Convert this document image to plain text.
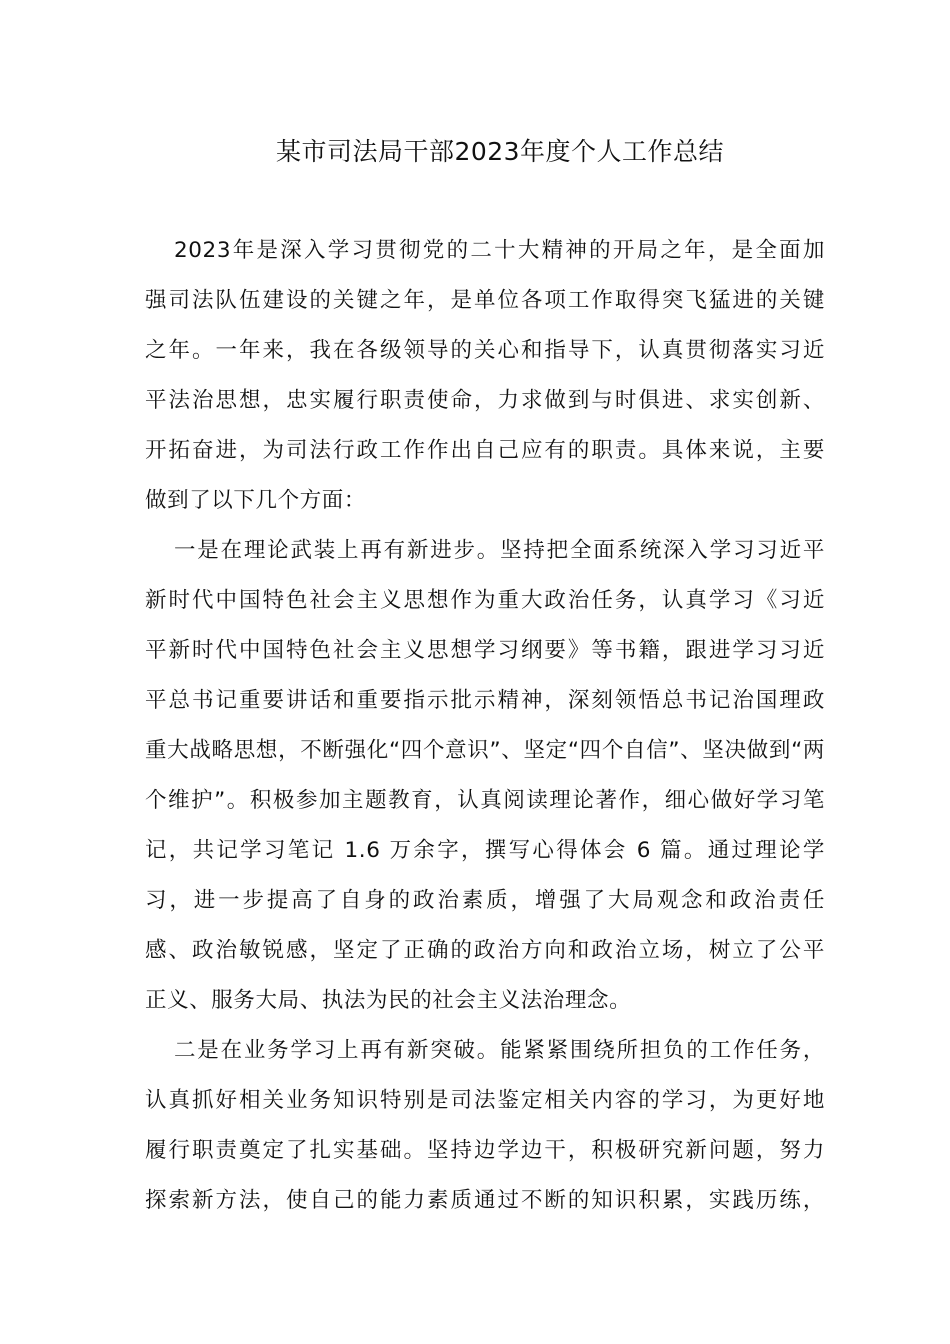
某市司法局干部2023年度个人工作总结
2023年是深入学习贯彻党的二十大精神的开局之年，是全面加
强司法队伍建设的关键之年，是单位各项工作取得突飞猛进的关键
之年。一年来，我在各级领导的关心和指导下，认真贯彻落实习近
平法治思想，忠实履行职责使命，力求做到与时俱进、求实创新、
开拓奋进，为司法行政工作作出自己应有的职责。具体来说，主要
做到了以下几个方面：
一是在理论武装上再有新进步。坚持把全面系统深入学习习近平
新时代中国特色社会主义思想作为重大政治任务，认真学习《习近
平新时代中国特色社会主义思想学习纲要》等书籍，跟进学习习近
平总书记重要讲话和重要指示批示精神，深刻领悟总书记治国理政
重大战略思想，不断强化“四个意识”、坚定“四个自信”、坚决做到“两
个维护”。积极参加主题教育，认真阅读理论著作，细心做好学习笔
记，共记学习笔记 1.6 万余字，撰写心得体会 6 篇。通过理论学
习，进一步提高了自身的政治素质，增强了大局观念和政治责任
感、政治敏锐感，坚定了正确的政治方向和政治立场，树立了公平
正义、服务大局、执法为民的社会主义法治理念。
二是在业务学习上再有新突破。能紧紧围绕所担负的工作任务，
认真抓好相关业务知识特别是司法鉴定相关内容的学习，为更好地
履行职责奠定了扎实基础。坚持边学边干，积极研究新问题，努力
探索新方法，使自己的能力素质通过不断的知识积累，实践历练，
